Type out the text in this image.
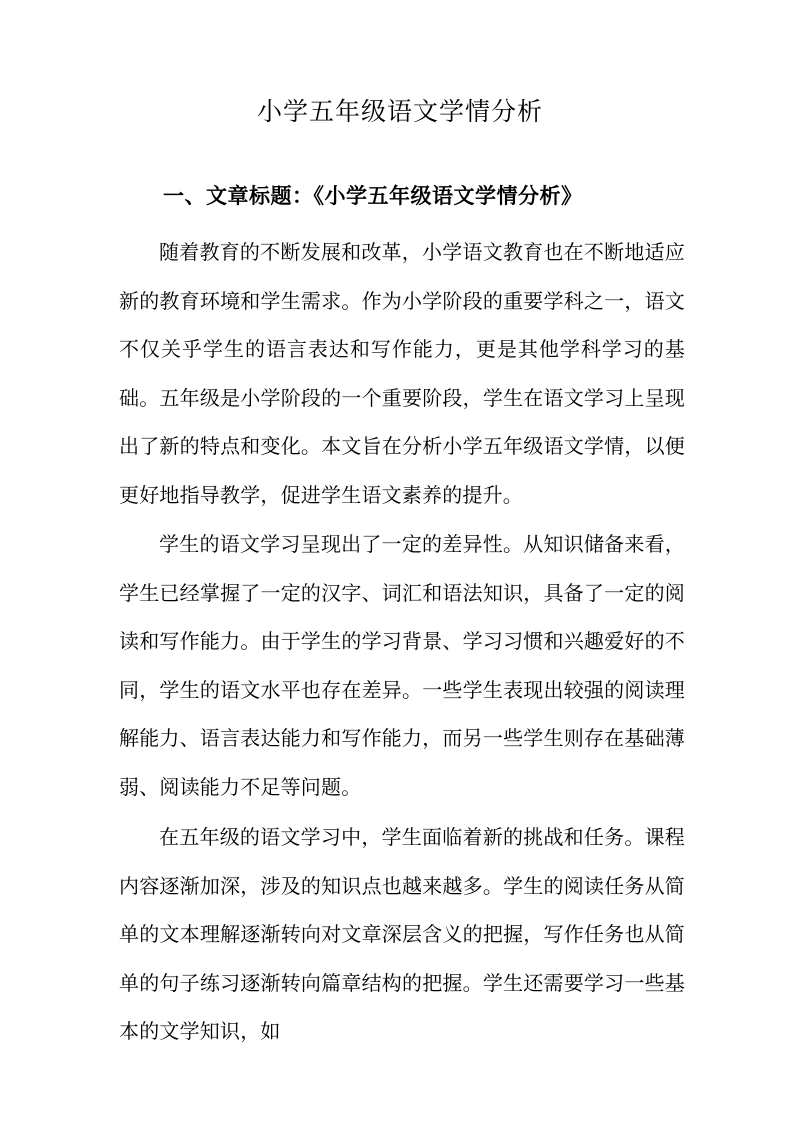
小学五年级语文学情分析
一、文章标题：《小学五年级语文学情分析》

随着教育的不断发展和改革，小学语文教育也在不断地适应新的教育环境和学生需求。作为小学阶段的重要学科之一，语文不仅关乎学生的语言表达和写作能力，更是其他学科学习的基础。五年级是小学阶段的一个重要阶段，学生在语文学习上呈现出了新的特点和变化。本文旨在分析小学五年级语文学情，以便更好地指导教学，促进学生语文素养的提升。

学生的语文学习呈现出了一定的差异性。从知识储备来看，学生已经掌握了一定的汉字、词汇和语法知识，具备了一定的阅读和写作能力。由于学生的学习背景、学习习惯和兴趣爱好的不同，学生的语文水平也存在差异。一些学生表现出较强的阅读理解能力、语言表达能力和写作能力，而另一些学生则存在基础薄弱、阅读能力不足等问题。

在五年级的语文学习中，学生面临着新的挑战和任务。课程内容逐渐加深，涉及的知识点也越来越多。学生的阅读任务从简单的文本理解逐渐转向对文章深层含义的把握，写作任务也从简单的句子练习逐渐转向篇章结构的把握。学生还需要学习一些基本的文学知识，如
